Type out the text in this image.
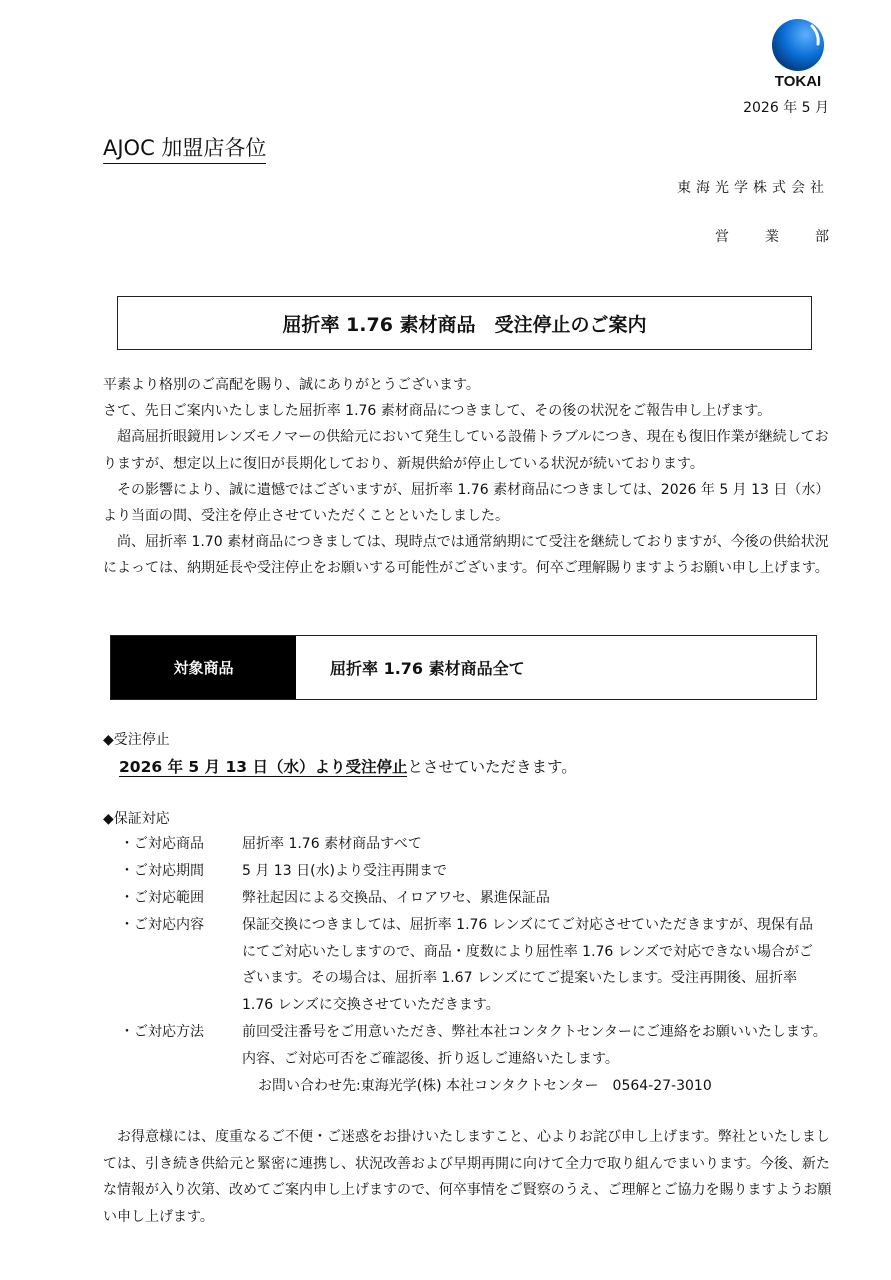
TOKAI
2026 年 5 月
AJOC 加盟店各位
東海光学株式会社
営	業	部
屈折率 1.76 素材商品　受注停止のご案内

平素より格別のご高配を賜り、誠にありがとうございます。

さて、先日ご案内いたしました屈折率 1.76 素材商品につきまして、その後の状況をご報告申し上げます。

超高屈折眼鏡用レンズモノマーの供給元において発生している設備トラブルにつき、現在も復旧作業が継続しておりますが、想定以上に復旧が長期化しており、新規供給が停止している状況が続いております。

その影響により、誠に遺憾ではございますが、屈折率 1.76 素材商品につきましては、2026 年 5 月 13 日（水）より当面の間、受注を停止させていただくことといたしました。

尚、屈折率 1.70 素材商品につきましては、現時点では通常納期にて受注を継続しておりますが、今後の供給状況によっては、納期延長や受注停止をお願いする可能性がございます。何卒ご理解賜りますようお願い申し上げます。

対象商品	屈折率 1.76 素材商品全て
◆受注停止
2026 年 5 月 13 日（水）より受注停止とさせていただきます。
◆保証対応
・ご対応商品	屈折率 1.76 素材商品すべて
・ご対応期間	5 月 13 日(水)より受注再開まで
・ご対応範囲	弊社起因による交換品、イロアワセ、累進保証品
・ご対応内容	保証交換につきましては、屈折率 1.76 レンズにてご対応させていただきますが、現保有品にてご対応いたしますので、商品・度数により屈性率 1.76 レンズで対応できない場合がございます。その場合は、屈折率 1.67 レンズにてご提案いたします。受注再開後、屈折率 1.76 レンズに交換させていただきます。
・ご対応方法	前回受注番号をご用意いただき、弊社本社コンタクトセンターにご連絡をお願いいたします。内容、ご対応可否をご確認後、折り返しご連絡いたします。
お問い合わせ先:東海光学(株) 本社コンタクトセンター　0564-27-3010

お得意様には、度重なるご不便・ご迷惑をお掛けいたしますこと、心よりお詫び申し上げます。弊社といたしましては、引き続き供給元と緊密に連携し、状況改善および早期再開に向けて全力で取り組んでまいります。今後、新たな情報が入り次第、改めてご案内申し上げますので、何卒事情をご賢察のうえ、ご理解とご協力を賜りますようお願い申し上げます。
